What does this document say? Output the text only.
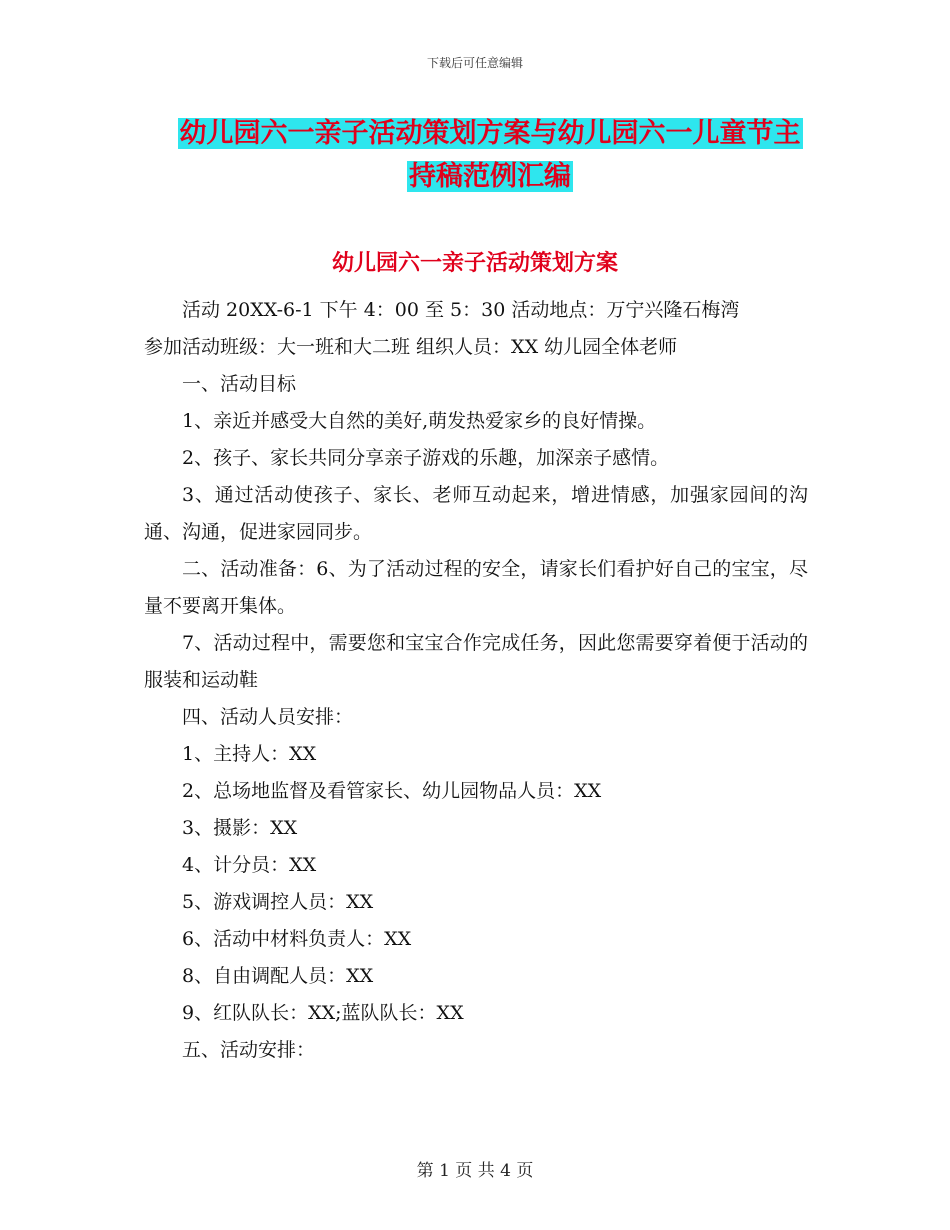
下载后可任意编辑
幼儿园六一亲子活动策划方案与幼儿园六一儿童节主
持稿范例汇编
幼儿园六一亲子活动策划方案

活动 20XX-6-1 下午 4：00 至 5：30 活动地点：万宁兴隆石梅湾

参加活动班级：大一班和大二班 组织人员：XX 幼儿园全体老师

一、活动目标

1、亲近并感受大自然的美好,萌发热爱家乡的良好情操。

2、孩子、家长共同分享亲子游戏的乐趣，加深亲子感情。

3、通过活动使孩子、家长、老师互动起来，增进情感，加强家园间的沟通、沟通，促进家园同步。

二、活动准备：6、为了活动过程的安全，请家长们看护好自己的宝宝，尽量不要离开集体。

7、活动过程中，需要您和宝宝合作完成任务，因此您需要穿着便于活动的服装和运动鞋

四、活动人员安排：

1、主持人：XX

2、总场地监督及看管家长、幼儿园物品人员：XX

3、摄影：XX

4、计分员：XX

5、游戏调控人员：XX

6、活动中材料负责人：XX

8、自由调配人员：XX

9、红队队长：XX;蓝队队长：XX

五、活动安排：

第 1 页 共 4 页
